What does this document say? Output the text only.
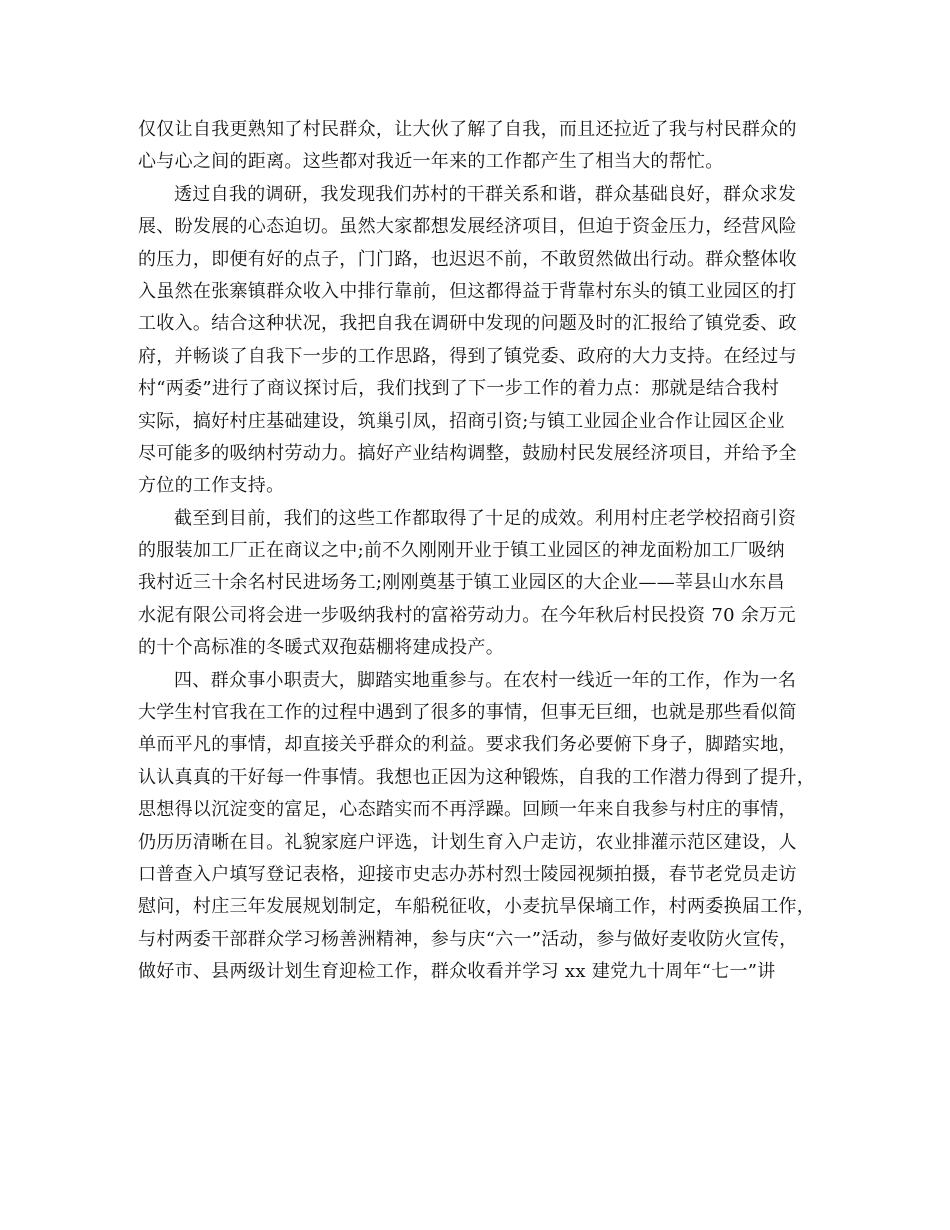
仅仅让自我更熟知了村民群众，让大伙了解了自我，而且还拉近了我与村民群众的
心与心之间的距离。这些都对我近一年来的工作都产生了相当大的帮忙。
透过自我的调研，我发现我们苏村的干群关系和谐，群众基础良好，群众求发
展、盼发展的心态迫切。虽然大家都想发展经济项目，但迫于资金压力，经营风险
的压力，即便有好的点子，门门路，也迟迟不前，不敢贸然做出行动。群众整体收
入虽然在张寨镇群众收入中排行靠前，但这都得益于背靠村东头的镇工业园区的打
工收入。结合这种状况，我把自我在调研中发现的问题及时的汇报给了镇党委、政
府，并畅谈了自我下一步的工作思路，得到了镇党委、政府的大力支持。在经过与
村“两委”进行了商议探讨后，我们找到了下一步工作的着力点：那就是结合我村
实际，搞好村庄基础建设，筑巢引凤，招商引资;与镇工业园企业合作让园区企业
尽可能多的吸纳村劳动力。搞好产业结构调整，鼓励村民发展经济项目，并给予全
方位的工作支持。
截至到目前，我们的这些工作都取得了十足的成效。利用村庄老学校招商引资
的服装加工厂正在商议之中;前不久刚刚开业于镇工业园区的神龙面粉加工厂吸纳
我村近三十余名村民进场务工;刚刚奠基于镇工业园区的大企业——莘县山水东昌
水泥有限公司将会进一步吸纳我村的富裕劳动力。在今年秋后村民投资 70 余万元
的十个高标准的冬暖式双孢菇棚将建成投产。
四、群众事小职责大，脚踏实地重参与。在农村一线近一年的工作，作为一名
大学生村官我在工作的过程中遇到了很多的事情，但事无巨细，也就是那些看似简
单而平凡的事情，却直接关乎群众的利益。要求我们务必要俯下身子，脚踏实地，
认认真真的干好每一件事情。我想也正因为这种锻炼，自我的工作潜力得到了提升，
思想得以沉淀变的富足，心态踏实而不再浮躁。回顾一年来自我参与村庄的事情，
仍历历清晰在目。礼貌家庭户评选，计划生育入户走访，农业排灌示范区建设，人
口普查入户填写登记表格，迎接市史志办苏村烈士陵园视频拍摄，春节老党员走访
慰问，村庄三年发展规划制定，车船税征收，小麦抗旱保墒工作，村两委换届工作，
与村两委干部群众学习杨善洲精神，参与庆“六一”活动，参与做好麦收防火宣传，
做好市、县两级计划生育迎检工作，群众收看并学习 xx 建党九十周年“七一”讲
